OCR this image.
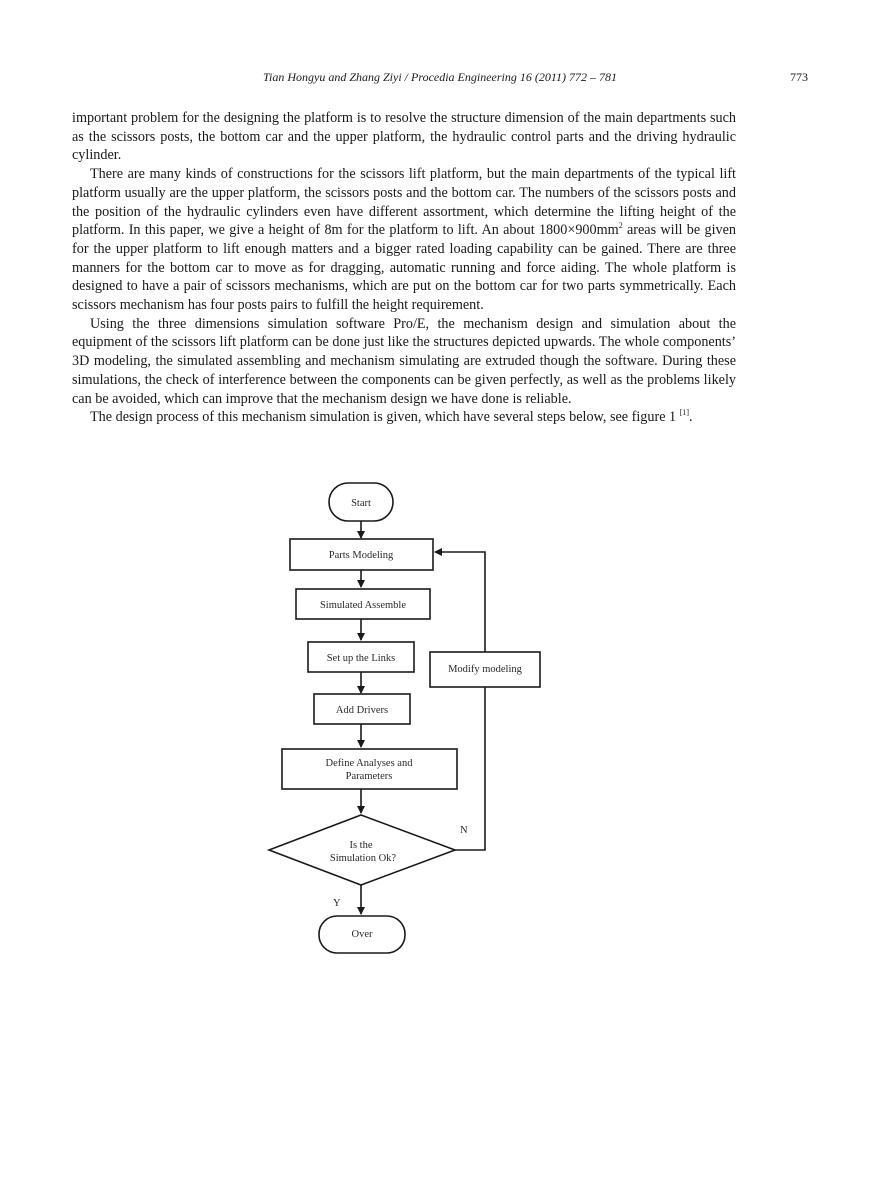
Tian Hongyu and Zhang Ziyi / Procedia Engineering 16 (2011) 772 – 781	773

important problem for the designing the platform is to resolve the structure dimension of the main departments such as the scissors posts, the bottom car and the upper platform, the hydraulic control parts and the driving hydraulic cylinder.

There are many kinds of constructions for the scissors lift platform, but the main departments of the typical lift platform usually are the upper platform, the scissors posts and the bottom car. The numbers of the scissors posts and the position of the hydraulic cylinders even have different assortment, which determine the lifting height of the platform. In this paper, we give a height of 8m for the platform to lift. An about $1800\times 900mm^2$ areas will be given for the upper platform to lift enough matters and a bigger rated loading capability can be gained. There are three manners for the bottom car to move as for dragging, automatic running and force aiding. The whole platform is designed to have a pair of scissors mechanisms, which are put on the bottom car for two parts symmetrically. Each scissors mechanism has four posts pairs to fulfill the height requirement.

Using the three dimensions simulation software Pro/E, the mechanism design and simulation about the equipment of the scissors lift platform can be done just like the structures depicted upwards. The whole components’ 3D modeling, the simulated assembling and mechanism simulating are extruded though the software. During these simulations, the check of interference between the components can be given perfectly, as well as the problems likely can be avoided, which can improve that the mechanism design we have done is reliable.

The design process of this mechanism simulation is given, which have several steps below, see figure 1 [1].

Start
Parts Modeling
Simulated Assemble
Set up the Links
Add Drivers
Define Analyses and
Parameters
Is the
Simulation Ok?
Modify modeling
Y
N
Over
